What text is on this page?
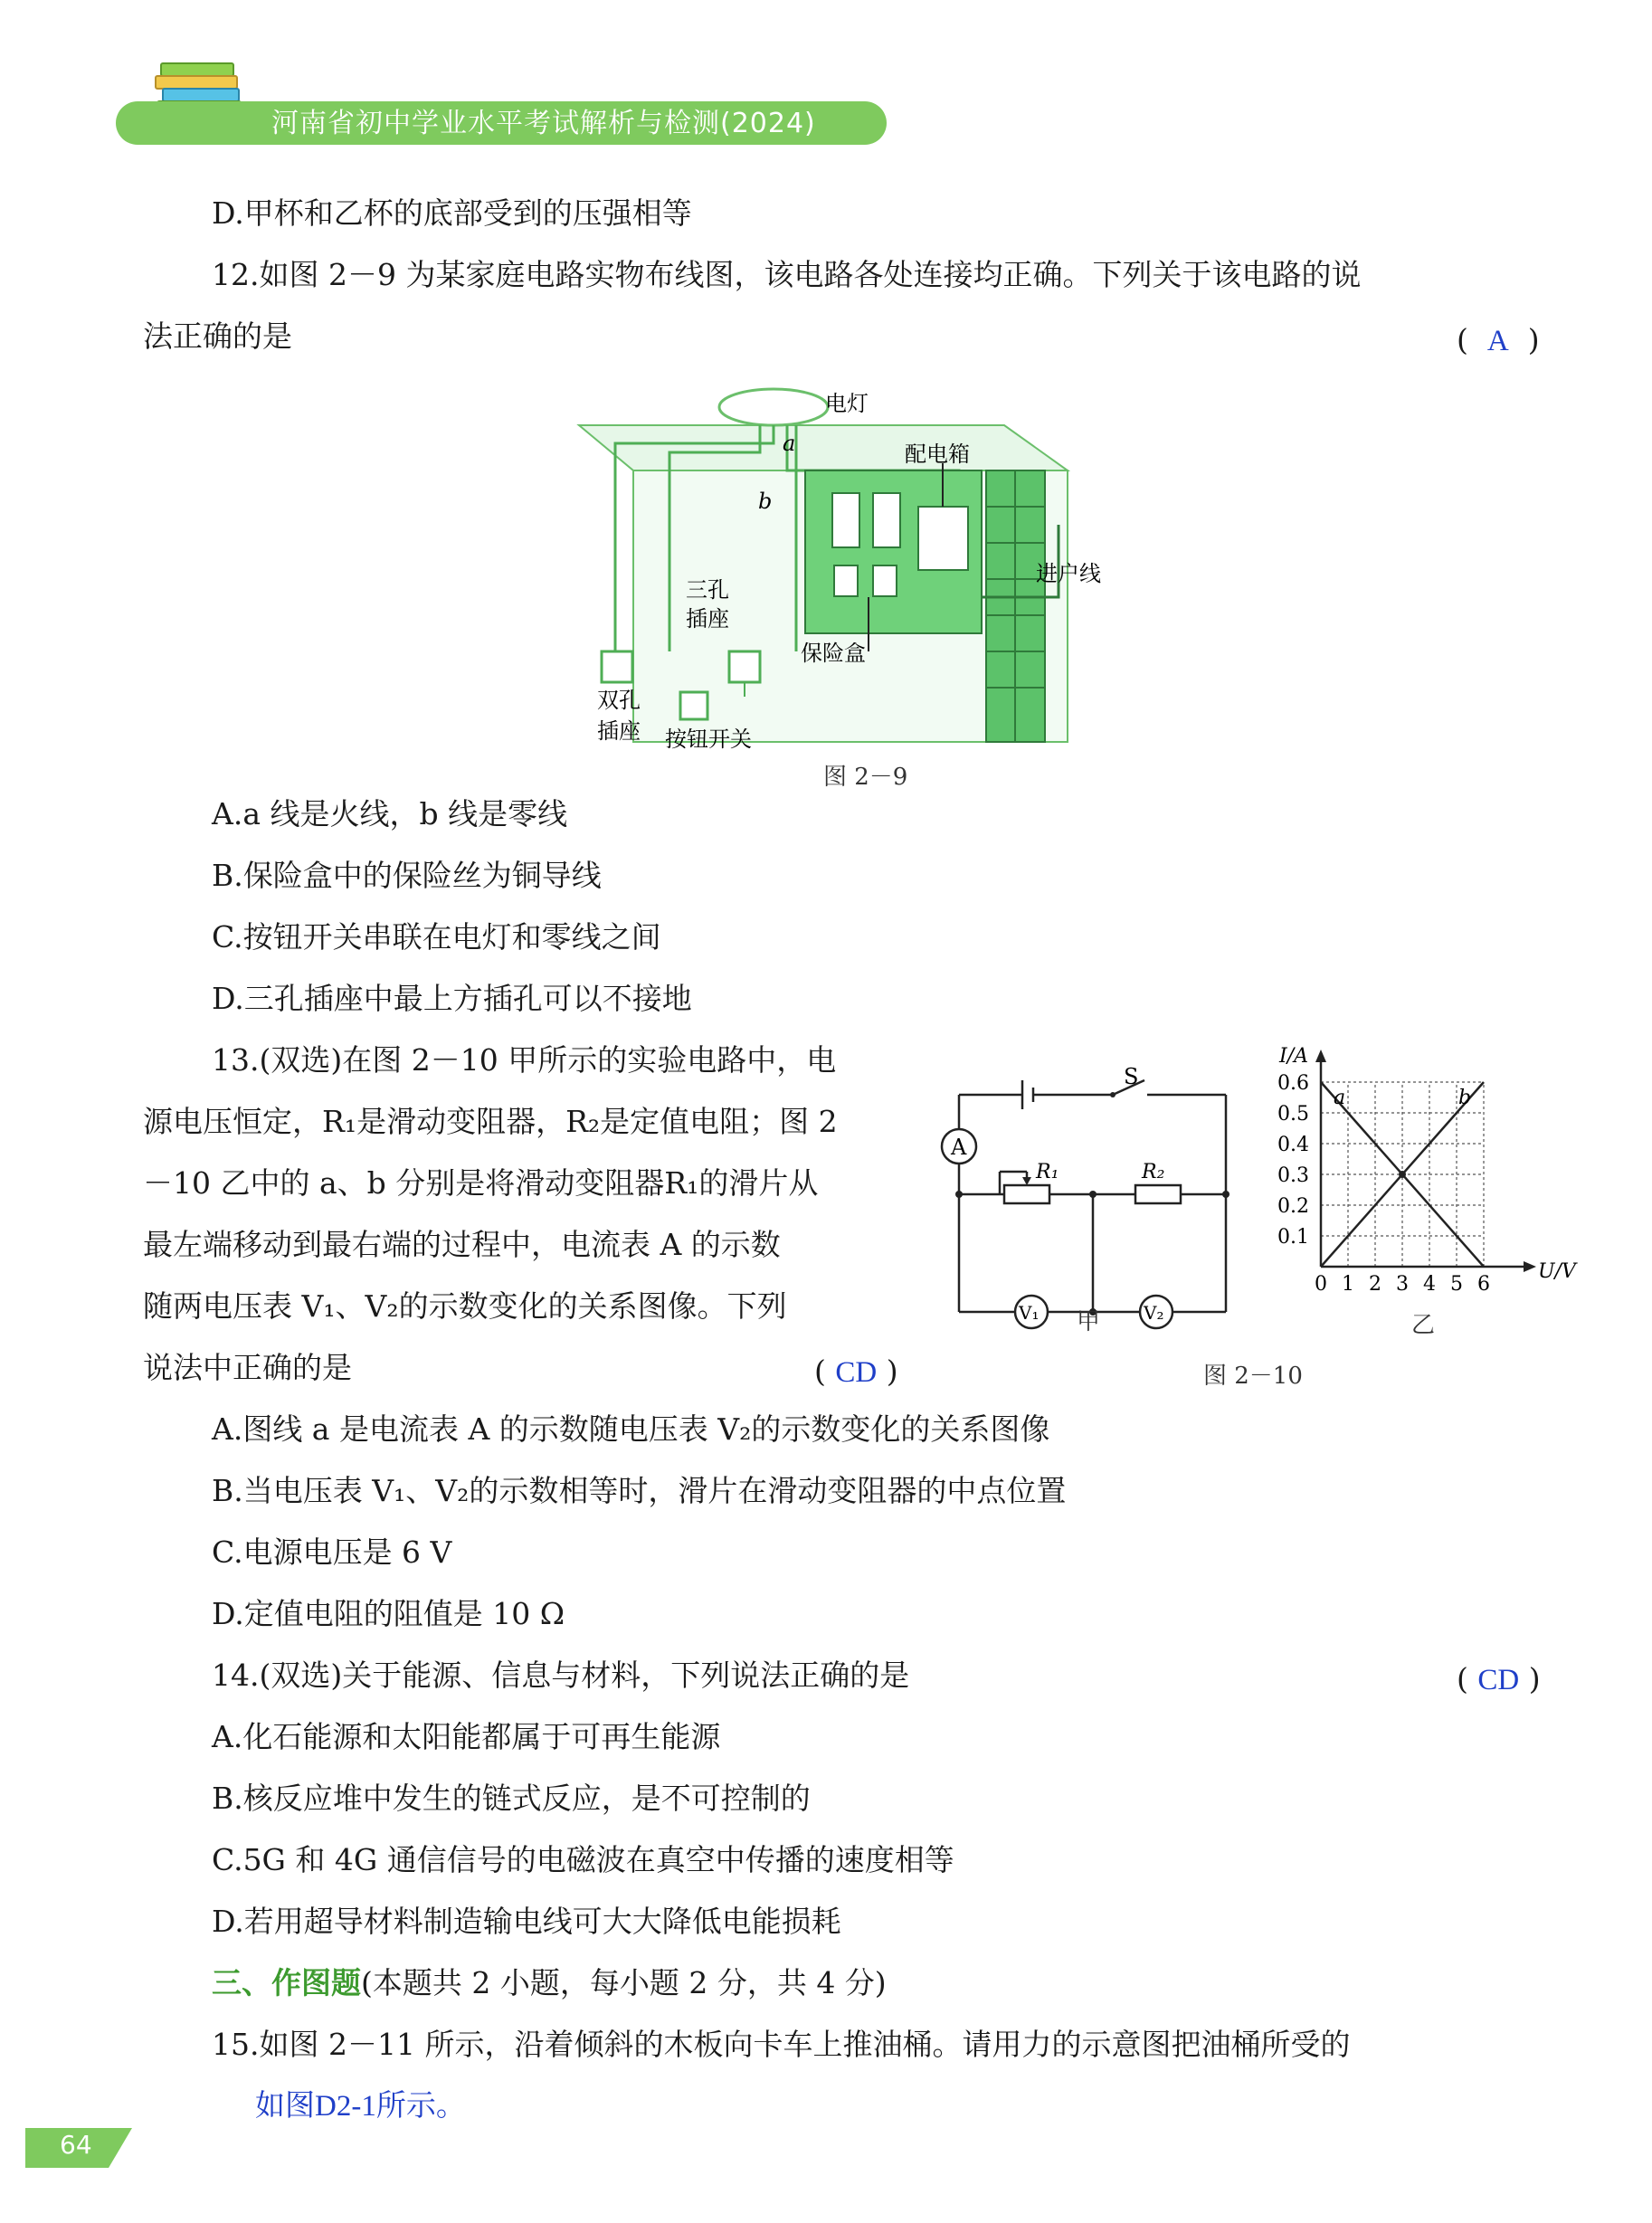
河南省初中学业水平考试解析与检测(2024)
D.甲杯和乙杯的底部受到的压强相等
12.如图 2－9 为某家庭电路实物布线图，该电路各处连接均正确。下列关于该电路的说
法正确的是	( A )
电灯
a
b
配电箱
保险盒
进户线
三孔
插座
双孔
插座 按钮开关
图 2－9
A.a 线是火线，b 线是零线
B.保险盒中的保险丝为铜导线
C.按钮开关串联在电灯和零线之间
D.三孔插座中最上方插孔可以不接地
13.(双选)在图 2－10 甲所示的实验电路中，电
源电压恒定，R₁是滑动变阻器，R₂是定值电阻；图 2
－10 乙中的 a、b 分别是将滑动变阻器R₁的滑片从
最左端移动到最右端的过程中，电流表 A 的示数
随两电压表 V₁、V₂的示数变化的关系图像。下列
说法中正确的是	( CD )
A
V₁	V₂
S
R₁	R₂
甲
a	b
0 1 2 3 4 5 6
0.1
0.2
0.3
0.4
0.5
0.6
I/A
U/V
乙
图 2－10
A.图线 a 是电流表 A 的示数随电压表 V₂的示数变化的关系图像
B.当电压表 V₁、V₂的示数相等时，滑片在滑动变阻器的中点位置
C.电源电压是 6 V
D.定值电阻的阻值是 10 Ω
14.(双选)关于能源、信息与材料，下列说法正确的是	( CD )
A.化石能源和太阳能都属于可再生能源
B.核反应堆中发生的链式反应，是不可控制的
C.5G 和 4G 通信信号的电磁波在真空中传播的速度相等
D.若用超导材料制造输电线可大大降低电能损耗
三、作图题(本题共 2 小题，每小题 2 分，共 4 分)
15.如图 2－11 所示，沿着倾斜的木板向卡车上推油桶。请用力的示意图把油桶所受的
如图D2-1所示。
64
